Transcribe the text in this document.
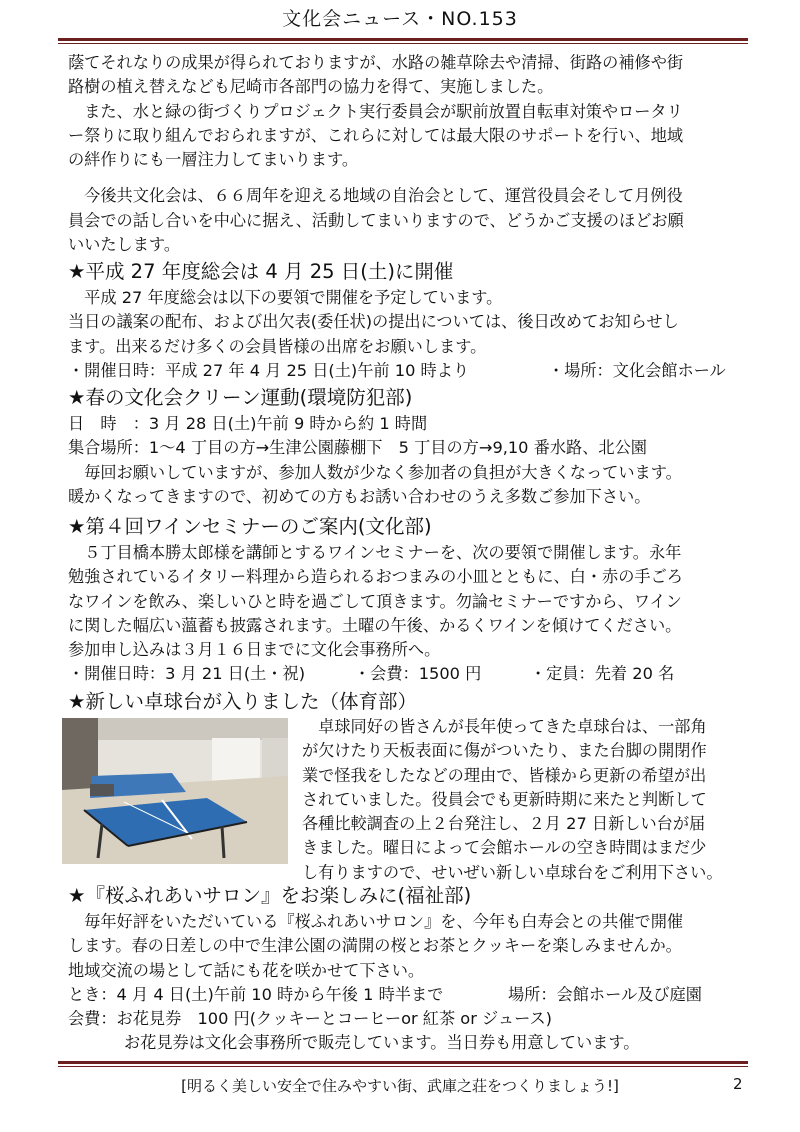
文化会ニュース・NO.153
蔭てそれなりの成果が得られておりますが、水路の雑草除去や清掃、街路の補修や街
路樹の植え替えなども尼崎市各部門の協力を得て、実施しました。
　また、水と緑の街づくりプロジェクト実行委員会が駅前放置自転車対策やロータリ
ー祭りに取り組んでおられますが、これらに対しては最大限のサポートを行い、地域
の絆作りにも一層注力してまいります。
　今後共文化会は、６６周年を迎える地域の自治会として、運営役員会そして月例役
員会での話し合いを中心に据え、活動してまいりますので、どうかご支援のほどお願
いいたします。
★平成 27 年度総会は 4 月 25 日(土)に開催
　平成 27 年度総会は以下の要領で開催を予定しています。
当日の議案の配布、および出欠表(委任状)の提出については、後日改めてお知らせし
ます。出来るだけ多くの会員皆様の出席をお願いします。
・開催日時：平成 27 年 4 月 25 日(土)午前 10 時より	・場所：文化会館ホール
★春の文化会クリーン運動(環境防犯部)
日　時　：3 月 28 日(土)午前 9 時から約 1 時間
集合場所：1～4 丁目の方→生津公園藤棚下　5 丁目の方→9,10 番水路、北公園
　毎回お願いしていますが、参加人数が少なく参加者の負担が大きくなっています。
暖かくなってきますので、初めての方もお誘い合わせのうえ多数ご参加下さい。
★第４回ワインセミナーのご案内(文化部)
　５丁目橋本勝太郎様を講師とするワインセミナーを、次の要領で開催します。永年
勉強されているイタリー料理から造られるおつまみの小皿とともに、白・赤の手ごろ
なワインを飲み、楽しいひと時を過ごして頂きます。勿論セミナーですから、ワイン
に関した幅広い薀蓄も披露されます。土曜の午後、かるくワインを傾けてください。
参加申し込みは３月１６日までに文化会事務所へ。
・開催日時：3 月 21 日(土・祝)	・会費：1500 円	・定員：先着 20 名
★新しい卓球台が入りました（体育部）
　卓球同好の皆さんが長年使ってきた卓球台は、一部角
が欠けたり天板表面に傷がついたり、また台脚の開閉作
業で怪我をしたなどの理由で、皆様から更新の希望が出
されていました。役員会でも更新時期に来たと判断して
各種比較調査の上２台発注し、２月 27 日新しい台が届
きました。曜日によって会館ホールの空き時間はまだ少
し有りますので、せいぜい新しい卓球台をご利用下さい。
★『桜ふれあいサロン』をお楽しみに(福祉部)
　毎年好評をいただいている『桜ふれあいサロン』を、今年も白寿会との共催で開催
します。春の日差しの中で生津公園の満開の桜とお茶とクッキーを楽しみませんか。
地域交流の場として話にも花を咲かせて下さい。
とき：4 月 4 日(土)午前 10 時から午後 1 時半まで	場所：会館ホール及び庭園
会費：お花見券　100 円(クッキーとコーヒーor 紅茶 or ジュース)
お花見券は文化会事務所で販売しています。当日券も用意しています。
[明るく美しい安全で住みやすい街、武庫之荘をつくりましょう!]	2
